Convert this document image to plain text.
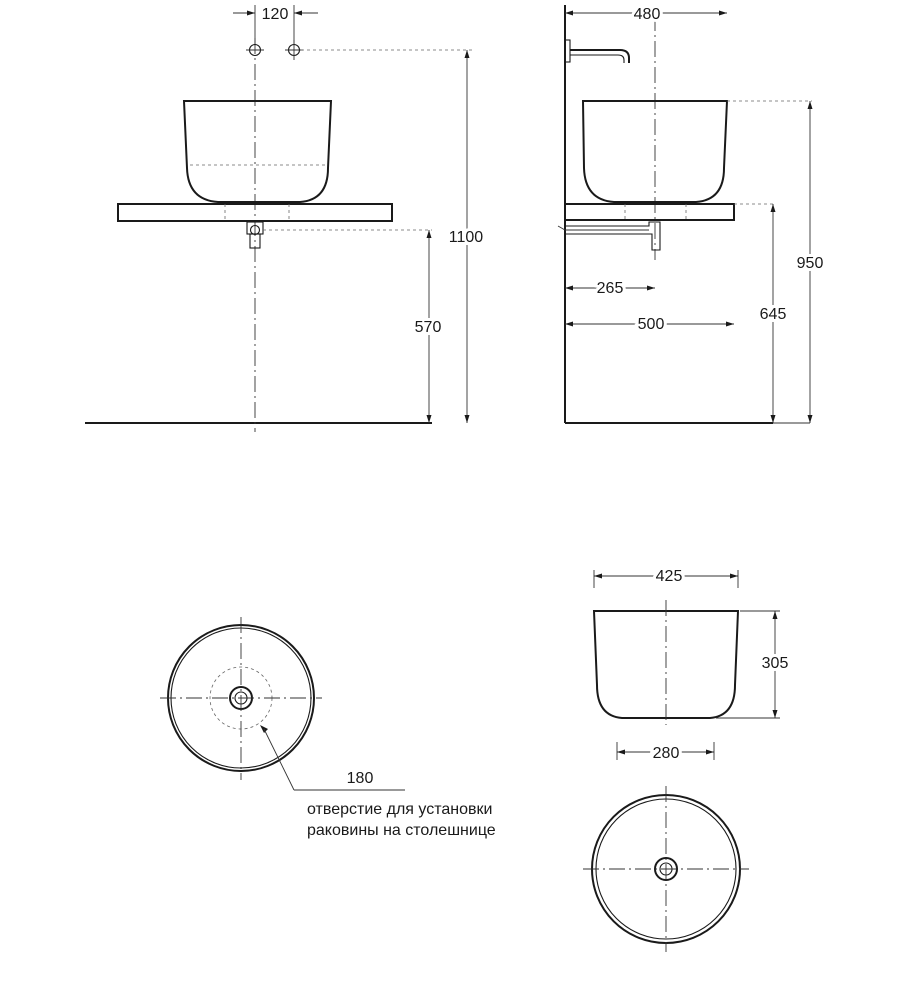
120
1100
570
480
265
500
645
950
180
отверстие для установки
раковины на столешнице
425
305
280
